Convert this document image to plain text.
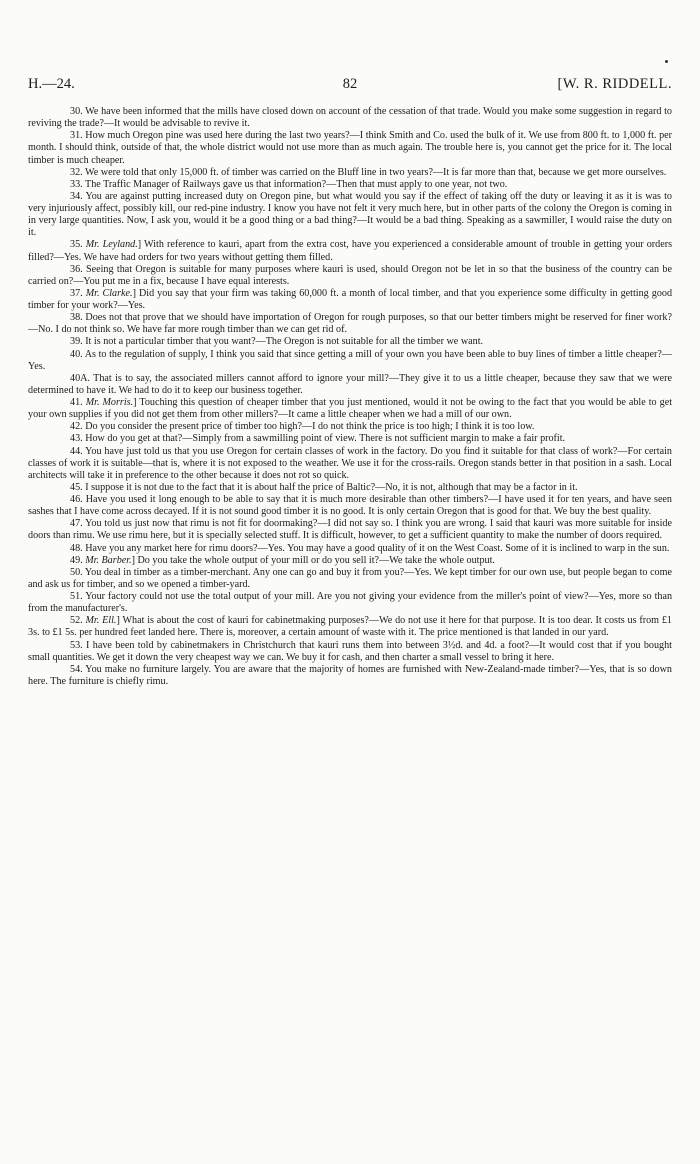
H.—24.	82	[W. R. RIDDELL.

30. We have been informed that the mills have closed down on account of the cessation of that trade. Would you make some suggestion in regard to reviving the trade?—It would be advisable to revive it.

31. How much Oregon pine was used here during the last two years?—I think Smith and Co. used the bulk of it. We use from 800 ft. to 1,000 ft. per month. I should think, outside of that, the whole district would not use more than as much again. The trouble here is, you cannot get the price for it. The local timber is much cheaper.

32. We were told that only 15,000 ft. of timber was carried on the Bluff line in two years?—It is far more than that, because we get more ourselves.

33. The Traffic Manager of Railways gave us that information?—Then that must apply to one year, not two.

34. You are against putting increased duty on Oregon pine, but what would you say if the effect of taking off the duty or leaving it as it is was to very injuriously affect, possibly kill, our red-pine industry. I know you have not felt it very much here, but in other parts of the colony the Oregon is coming in in very large quantities. Now, I ask you, would it be a good thing or a bad thing?—It would be a bad thing. Speaking as a sawmiller, I would raise the duty on it.

35. Mr. Leyland.] With reference to kauri, apart from the extra cost, have you experienced a considerable amount of trouble in getting your orders filled?—Yes. We have had orders for two years without getting them filled.

36. Seeing that Oregon is suitable for many purposes where kauri is used, should Oregon not be let in so that the business of the country can be carried on?—You put me in a fix, because I have equal interests.

37. Mr. Clarke.] Did you say that your firm was taking 60,000 ft. a month of local timber, and that you experience some difficulty in getting good timber for your work?—Yes.

38. Does not that prove that we should have importation of Oregon for rough purposes, so that our better timbers might be reserved for finer work?—No. I do not think so. We have far more rough timber than we can get rid of.

39. It is not a particular timber that you want?—The Oregon is not suitable for all the timber we want.

40. As to the regulation of supply, I think you said that since getting a mill of your own you have been able to buy lines of timber a little cheaper?—Yes.

40A. That is to say, the associated millers cannot afford to ignore your mill?—They give it to us a little cheaper, because they saw that we were determined to have it. We had to do it to keep our business together.

41. Mr. Morris.] Touching this question of cheaper timber that you just mentioned, would it not be owing to the fact that you would be able to get your own supplies if you did not get them from other millers?—It came a little cheaper when we had a mill of our own.

42. Do you consider the present price of timber too high?—I do not think the price is too high; I think it is too low.

43. How do you get at that?—Simply from a sawmilling point of view. There is not sufficient margin to make a fair profit.

44. You have just told us that you use Oregon for certain classes of work in the factory. Do you find it suitable for that class of work?—For certain classes of work it is suitable—that is, where it is not exposed to the weather. We use it for the cross-rails. Oregon stands better in that position in a sash. Local architects will take it in preference to the other because it does not rot so quick.

45. I suppose it is not due to the fact that it is about half the price of Baltic?—No, it is not, although that may be a factor in it.

46. Have you used it long enough to be able to say that it is much more desirable than other timbers?—I have used it for ten years, and have seen sashes that I have come across decayed. If it is not sound good timber it is no good. It is only certain Oregon that is good for that. We buy the best quality.

47. You told us just now that rimu is not fit for doormaking?—I did not say so. I think you are wrong. I said that kauri was more suitable for inside doors than rimu. We use rimu here, but it is specially selected stuff. It is difficult, however, to get a sufficient quantity to make the number of doors required.

48. Have you any market here for rimu doors?—Yes. You may have a good quality of it on the West Coast. Some of it is inclined to warp in the sun.

49. Mr. Barber.] Do you take the whole output of your mill or do you sell it?—We take the whole output.

50. You deal in timber as a timber-merchant. Any one can go and buy it from you?—Yes. We kept timber for our own use, but people began to come and ask us for timber, and so we opened a timber-yard.

51. Your factory could not use the total output of your mill. Are you not giving your evidence from the miller's point of view?—Yes, more so than from the manufacturer's.

52. Mr. Ell.] What is about the cost of kauri for cabinetmaking purposes?—We do not use it here for that purpose. It is too dear. It costs us from £1 3s. to £1 5s. per hundred feet landed here. There is, moreover, a certain amount of waste with it. The price mentioned is that landed in our yard.

53. I have been told by cabinetmakers in Christchurch that kauri runs them into between 3½d. and 4d. a foot?—It would cost that if you bought small quantities. We get it down the very cheapest way we can. We buy it for cash, and then charter a small vessel to bring it here.

54. You make no furniture largely. You are aware that the majority of homes are furnished with New-Zealand-made timber?—Yes, that is so down here. The furniture is chiefly rimu.
